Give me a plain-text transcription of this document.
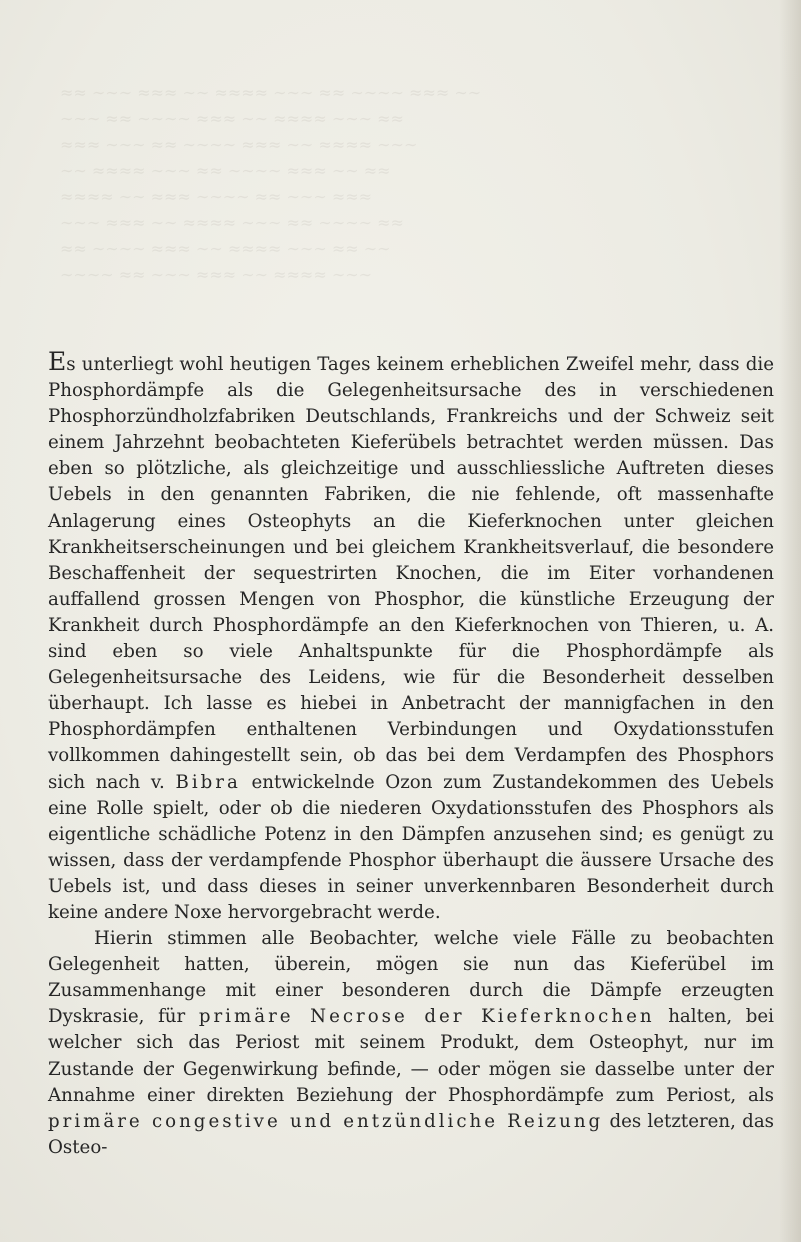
≈≈ ∼∼∼ ≈≈≈ ∼∼ ≈≈≈≈ ∼∼∼ ≈≈ ∼∼∼∼ ≈≈≈ ∼∼
∼∼∼ ≈≈ ∼∼∼∼ ≈≈≈ ∼∼ ≈≈≈≈ ∼∼∼ ≈≈
≈≈≈ ∼∼∼ ≈≈ ∼∼∼∼ ≈≈≈ ∼∼ ≈≈≈≈ ∼∼∼
∼∼ ≈≈≈≈ ∼∼∼ ≈≈ ∼∼∼∼ ≈≈≈ ∼∼ ≈≈
≈≈≈≈ ∼∼ ≈≈≈ ∼∼∼∼ ≈≈ ∼∼∼ ≈≈≈
∼∼∼ ≈≈≈ ∼∼ ≈≈≈≈ ∼∼∼ ≈≈ ∼∼∼∼ ≈≈
≈≈ ∼∼∼∼ ≈≈≈ ∼∼ ≈≈≈≈ ∼∼∼ ≈≈ ∼∼
∼∼∼∼ ≈≈ ∼∼∼ ≈≈≈ ∼∼ ≈≈≈≈ ∼∼∼

Es unterliegt wohl heutigen Tages keinem erheblichen Zweifel mehr, dass die Phosphordämpfe als die Gelegenheitsursache des in verschiedenen Phosphorzündholzfabriken Deutschlands, Frankreichs und der Schweiz seit einem Jahrzehnt beobachteten Kieferübels betrachtet werden müssen. Das eben so plötzliche, als gleichzeitige und ausschliessliche Auftreten dieses Uebels in den genannten Fabriken, die nie fehlende, oft massenhafte Anlagerung eines Osteophyts an die Kieferknochen unter gleichen Krankheitserscheinungen und bei gleichem Krankheitsverlauf, die besondere Beschaffenheit der sequestrirten Knochen, die im Eiter vorhandenen auffallend grossen Mengen von Phosphor, die künstliche Erzeugung der Krankheit durch Phosphordämpfe an den Kieferknochen von Thieren, u. A. sind eben so viele Anhaltspunkte für die Phosphordämpfe als Gelegenheitsursache des Leidens, wie für die Besonderheit desselben überhaupt. Ich lasse es hiebei in Anbetracht der mannigfachen in den Phosphordämpfen enthaltenen Verbindungen und Oxydationsstufen vollkommen dahingestellt sein, ob das bei dem Verdampfen des Phosphors sich nach v. Bibra entwickelnde Ozon zum Zustandekommen des Uebels eine Rolle spielt, oder ob die niederen Oxydationsstufen des Phosphors als eigentliche schädliche Potenz in den Dämpfen anzusehen sind; es genügt zu wissen, dass der verdampfende Phosphor überhaupt die äussere Ursache des Uebels ist, und dass dieses in seiner unverkennbaren Besonderheit durch keine andere Noxe hervorgebracht werde.

Hierin stimmen alle Beobachter, welche viele Fälle zu beobachten Gelegenheit hatten, überein, mögen sie nun das Kieferübel im Zusammenhange mit einer besonderen durch die Dämpfe erzeugten Dyskrasie, für primäre Necrose der Kieferknochen halten, bei welcher sich das Periost mit seinem Produkt, dem Osteophyt, nur im Zustande der Gegenwirkung befinde, — oder mögen sie dasselbe unter der Annahme einer direkten Beziehung der Phosphordämpfe zum Periost, als primäre congestive und entzündliche Reizung des letzteren, das Osteo-
